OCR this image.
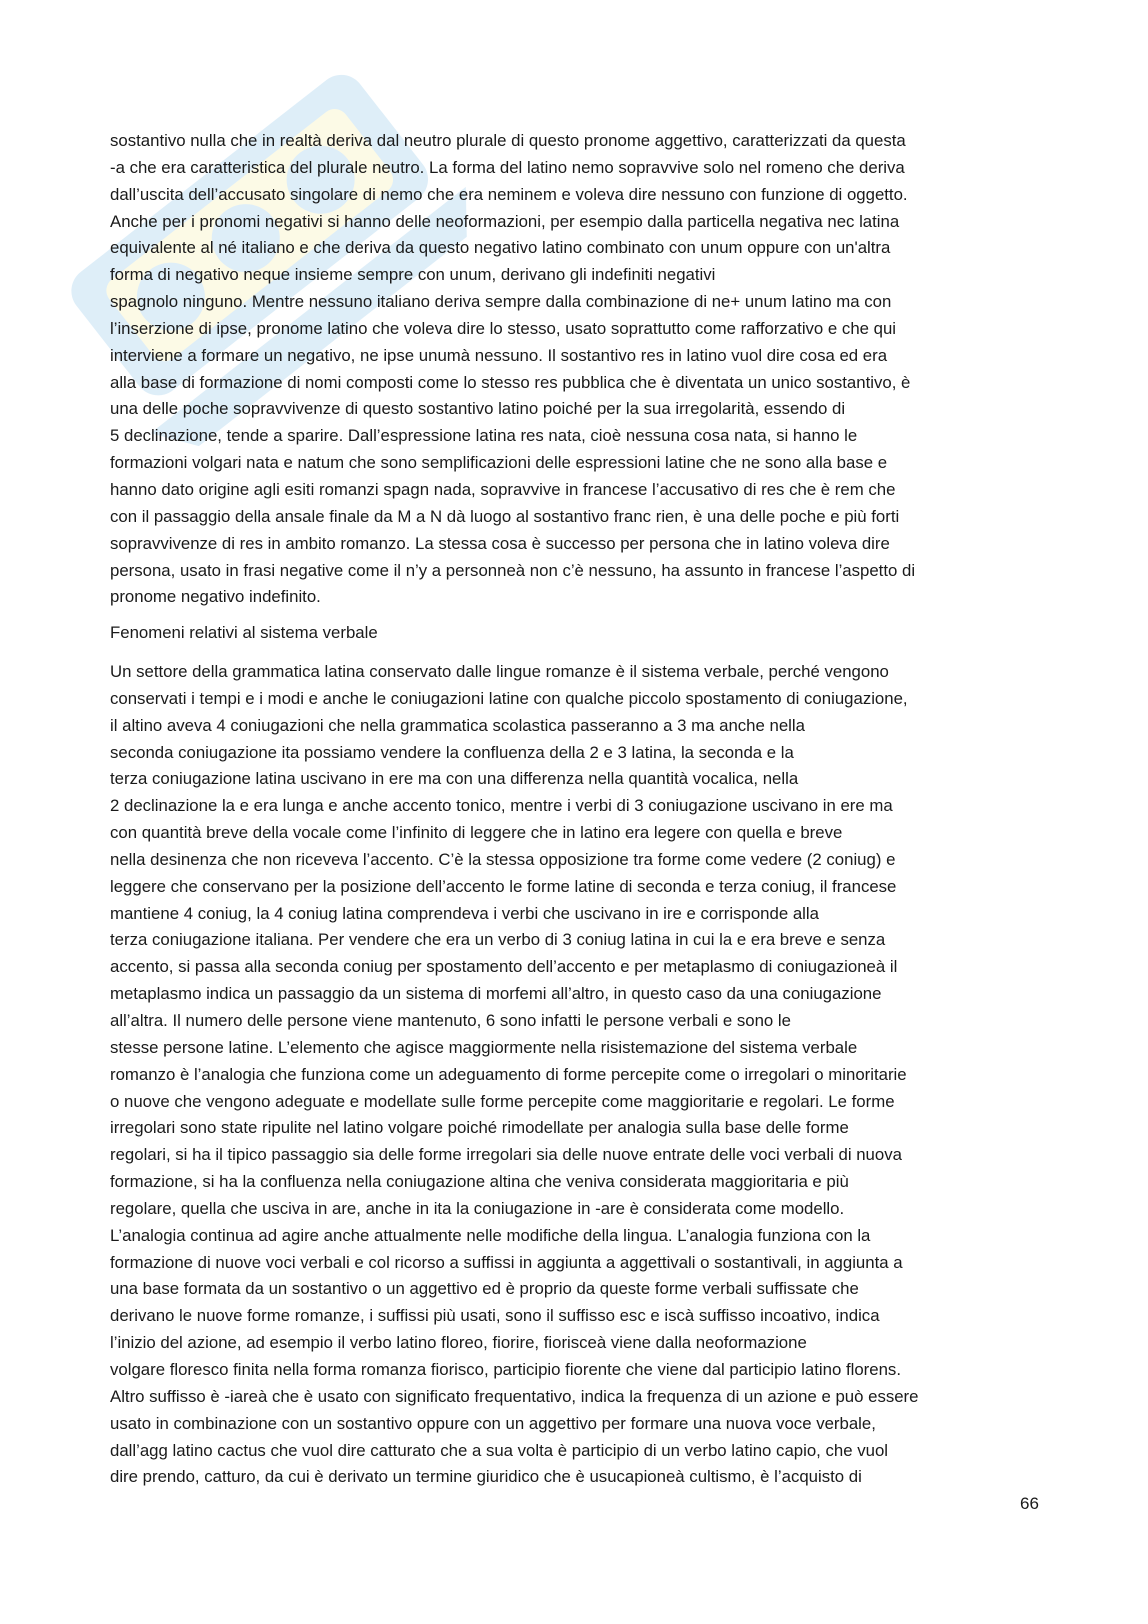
sostantivo nulla che in realtà deriva dal neutro plurale di questo pronome aggettivo, caratterizzati da questa
-a che era caratteristica del plurale neutro. La forma del latino nemo sopravvive solo nel romeno che deriva
dall’uscita dell’accusato singolare di nemo che era neminem e voleva dire nessuno con funzione di oggetto.
Anche per i pronomi negativi si hanno delle neoformazioni, per esempio dalla particella negativa nec latina
equivalente al né italiano e che deriva da questo negativo latino combinato con unum oppure con un'altra
forma di negativo neque insieme sempre con unum, derivano gli indefiniti negativi
spagnolo ninguno. Mentre nessuno italiano deriva sempre dalla combinazione di ne+ unum latino ma con
l’inserzione di ipse, pronome latino che voleva dire lo stesso, usato soprattutto come rafforzativo e che qui
interviene a formare un negativo, ne ipse unumà nessuno. Il sostantivo res in latino vuol dire cosa ed era
alla base di formazione di nomi composti come lo stesso res pubblica che è diventata un unico sostantivo, è
una delle poche sopravvivenze di questo sostantivo latino poiché per la sua irregolarità, essendo di
5 declinazione, tende a sparire. Dall’espressione latina res nata, cioè nessuna cosa nata, si hanno le
formazioni volgari nata e natum che sono semplificazioni delle espressioni latine che ne sono alla base e
hanno dato origine agli esiti romanzi spagn nada, sopravvive in francese l’accusativo di res che è rem che
con il passaggio della ansale finale da M a N dà luogo al sostantivo franc rien, è una delle poche e più forti
sopravvivenze di res in ambito romanzo. La stessa cosa è successo per persona che in latino voleva dire
persona, usato in frasi negative come il n’y a personneà non c’è nessuno, ha assunto in francese l’aspetto di
pronome negativo indefinito.
Fenomeni relativi al sistema verbale
Un settore della grammatica latina conservato dalle lingue romanze è il sistema verbale, perché vengono
conservati i tempi e i modi e anche le coniugazioni latine con qualche piccolo spostamento di coniugazione,
il altino aveva 4 coniugazioni che nella grammatica scolastica passeranno a 3 ma anche nella
seconda coniugazione ita possiamo vendere la confluenza della 2 e 3 latina, la seconda e la
terza coniugazione latina uscivano in ere ma con una differenza nella quantità vocalica, nella
2 declinazione la e era lunga e anche accento tonico, mentre i verbi di 3 coniugazione uscivano in ere ma
con quantità breve della vocale come l’infinito di leggere che in latino era legere con quella e breve
nella desinenza che non riceveva l’accento. C’è la stessa opposizione tra forme come vedere (2 coniug) e
leggere che conservano per la posizione dell’accento le forme latine di seconda e terza coniug, il francese
mantiene 4 coniug, la 4 coniug latina comprendeva i verbi che uscivano in ire e corrisponde alla
terza coniugazione italiana. Per vendere che era un verbo di 3 coniug latina in cui la e era breve e senza
accento, si passa alla seconda coniug per spostamento dell’accento e per metaplasmo di coniugazioneà il
metaplasmo indica un passaggio da un sistema di morfemi all’altro, in questo caso da una coniugazione
all’altra. Il numero delle persone viene mantenuto, 6 sono infatti le persone verbali e sono le
stesse persone latine. L’elemento che agisce maggiormente nella risistemazione del sistema verbale
romanzo è l’analogia che funziona come un adeguamento di forme percepite come o irregolari o minoritarie
o nuove che vengono adeguate e modellate sulle forme percepite come maggioritarie e regolari. Le forme
irregolari sono state ripulite nel latino volgare poiché rimodellate per analogia sulla base delle forme
regolari, si ha il tipico passaggio sia delle forme irregolari sia delle nuove entrate delle voci verbali di nuova
formazione, si ha la confluenza nella coniugazione altina che veniva considerata maggioritaria e più
regolare, quella che usciva in are, anche in ita la coniugazione in -are è considerata come modello.
L’analogia continua ad agire anche attualmente nelle modifiche della lingua. L’analogia funziona con la
formazione di nuove voci verbali e col ricorso a suffissi in aggiunta a aggettivali o sostantivali, in aggiunta a
una base formata da un sostantivo o un aggettivo ed è proprio da queste forme verbali suffissate che
derivano le nuove forme romanze, i suffissi più usati, sono il suffisso esc e iscà suffisso incoativo, indica
l’inizio del azione, ad esempio il verbo latino floreo, fiorire, fioriscеà viene dalla neoformazione
volgare floresco finita nella forma romanza fiorisco, participio fiorente che viene dal participio latino florens.
Altro suffisso è -iareà che è usato con significato frequentativo, indica la frequenza di un azione e può essere
usato in combinazione con un sostantivo oppure con un aggettivo per formare una nuova voce verbale,
dall’agg latino cactus che vuol dire catturato che a sua volta è participio di un verbo latino capio, che vuol
dire prendo, catturo, da cui è derivato un termine giuridico che è usucapioneà cultismo, è l’acquisto di
66
